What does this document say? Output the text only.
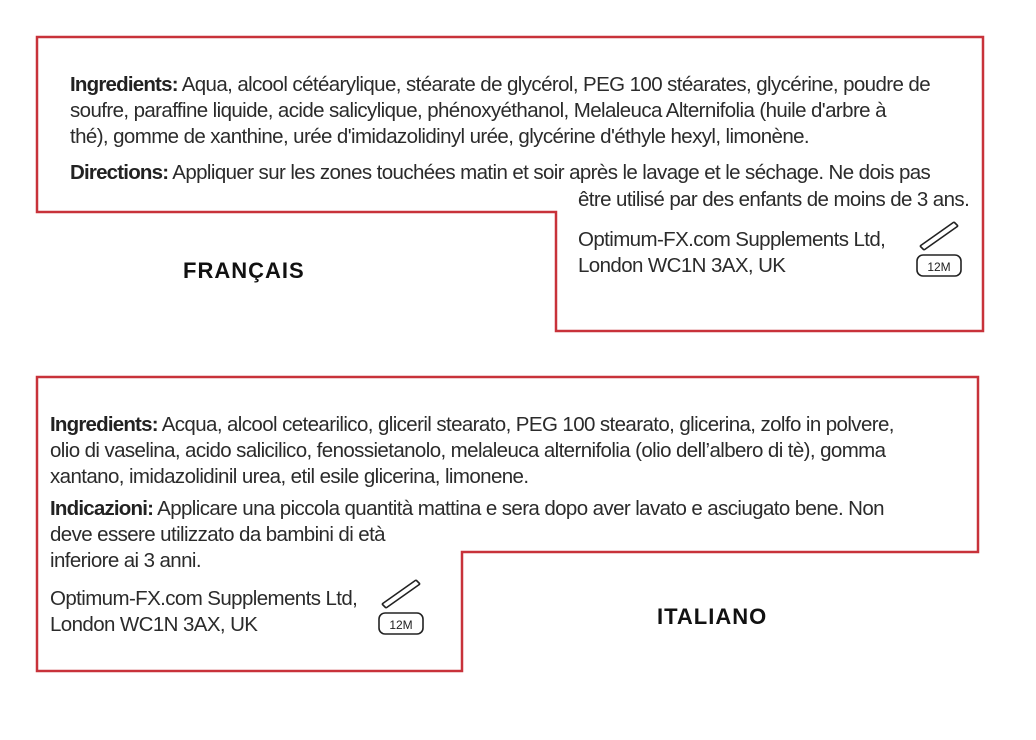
Ingredients: Aqua, alcool cétéarylique, stéarate de glycérol, PEG 100 stéarates, glycérine, poudre de
soufre, paraffine liquide, acide salicylique, phénoxyéthanol, Melaleuca Alternifolia (huile d'arbre à
thé), gomme de xanthine, urée d'imidazolidinyl urée, glycérine d'éthyle hexyl, limonène.
Directions: Appliquer sur les zones touchées matin et soir après le lavage et le séchage. Ne dois pas
être utilisé par des enfants de moins de 3 ans.
Optimum-FX.com Supplements Ltd,
London WC1N 3AX, UK	12M
FRANÇAIS
Ingredients: Acqua, alcool cetearilico, gliceril stearato, PEG 100 stearato, glicerina, zolfo in polvere,
olio di vaselina, acido salicilico, fenossietanolo, melaleuca alternifolia (olio dell’albero di tè), gomma
xantano, imidazolidinil urea, etil esile glicerina, limonene.
Indicazioni: Applicare una piccola quantità mattina e sera dopo aver lavato e asciugato bene. Non
deve essere utilizzato da bambini di età
inferiore ai 3 anni.
Optimum-FX.com Supplements Ltd,
London WC1N 3AX, UK	12M	ITALIANO
